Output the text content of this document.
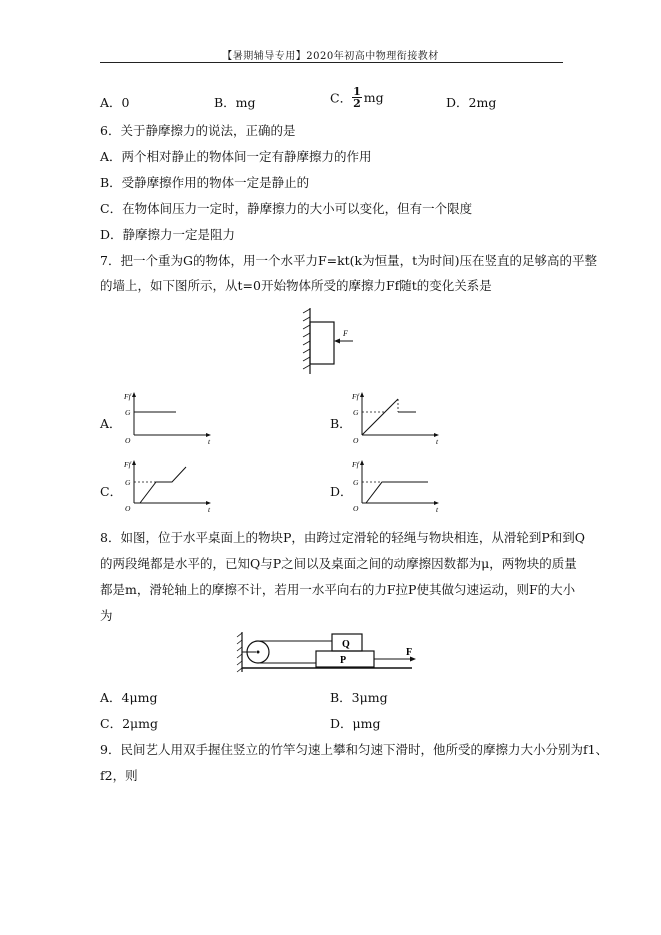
【暑期辅导专用】2020年初高中物理衔接教材
A．0	B．mg	C． $\frac{1}{2}$ mg	D．2mg
6．关于静摩擦力的说法，正确的是
A．两个相对静止的物体间一定有静摩擦力的作用
B．受静摩擦作用的物体一定是静止的
C．在物体间压力一定时，静摩擦力的大小可以变化，但有一个限度
D．静摩擦力一定是阻力
7．把一个重为G的物体，用一个水平力F=kt(k为恒量，t为时间)压在竖直的足够高的平整
的墙上，如下图所示，从t=0开始物体所受的摩擦力Ff随t的变化关系是
F
A．
Ff
G
O	t
B．
Ff
G
O	t
C．
Ff
G
O	t
D．
Ff
G
O	t
8．如图，位于水平桌面上的物块P，由跨过定滑轮的轻绳与物块相连，从滑轮到P和到Q
的两段绳都是水平的，已知Q与P之间以及桌面之间的动摩擦因数都为μ，两物块的质量
都是m，滑轮轴上的摩擦不计，若用一水平向右的力F拉P使其做匀速运动，则F的大小
为
Q
P
F
A．4μmg	B．3μmg
C．2μmg	D．μmg
9．民间艺人用双手握住竖立的竹竿匀速上攀和匀速下滑时，他所受的摩擦力大小分别为f1、
f2，则
